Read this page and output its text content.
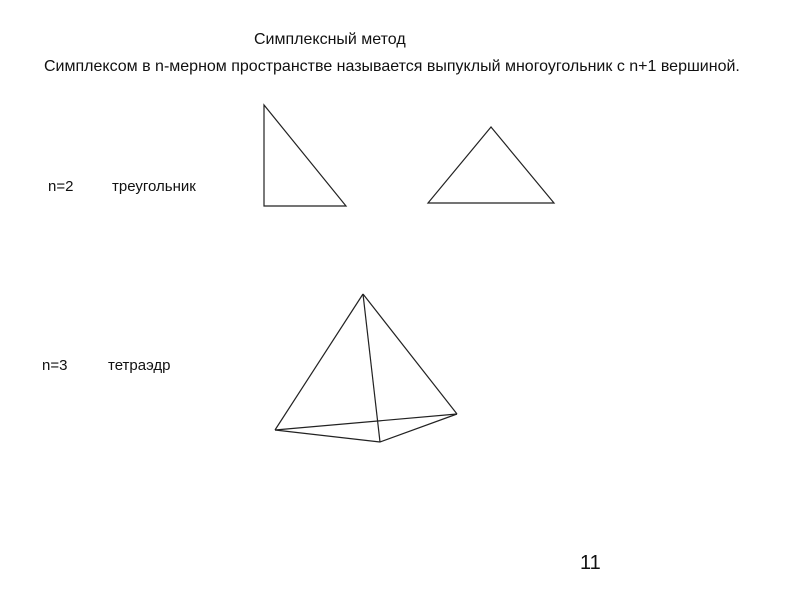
Симплексный метод
Симплексом в n-мерном пространстве называется выпуклый многоугольник с n+1 вершиной.
n=2	треугольник
n=3	тетраэдр
11
